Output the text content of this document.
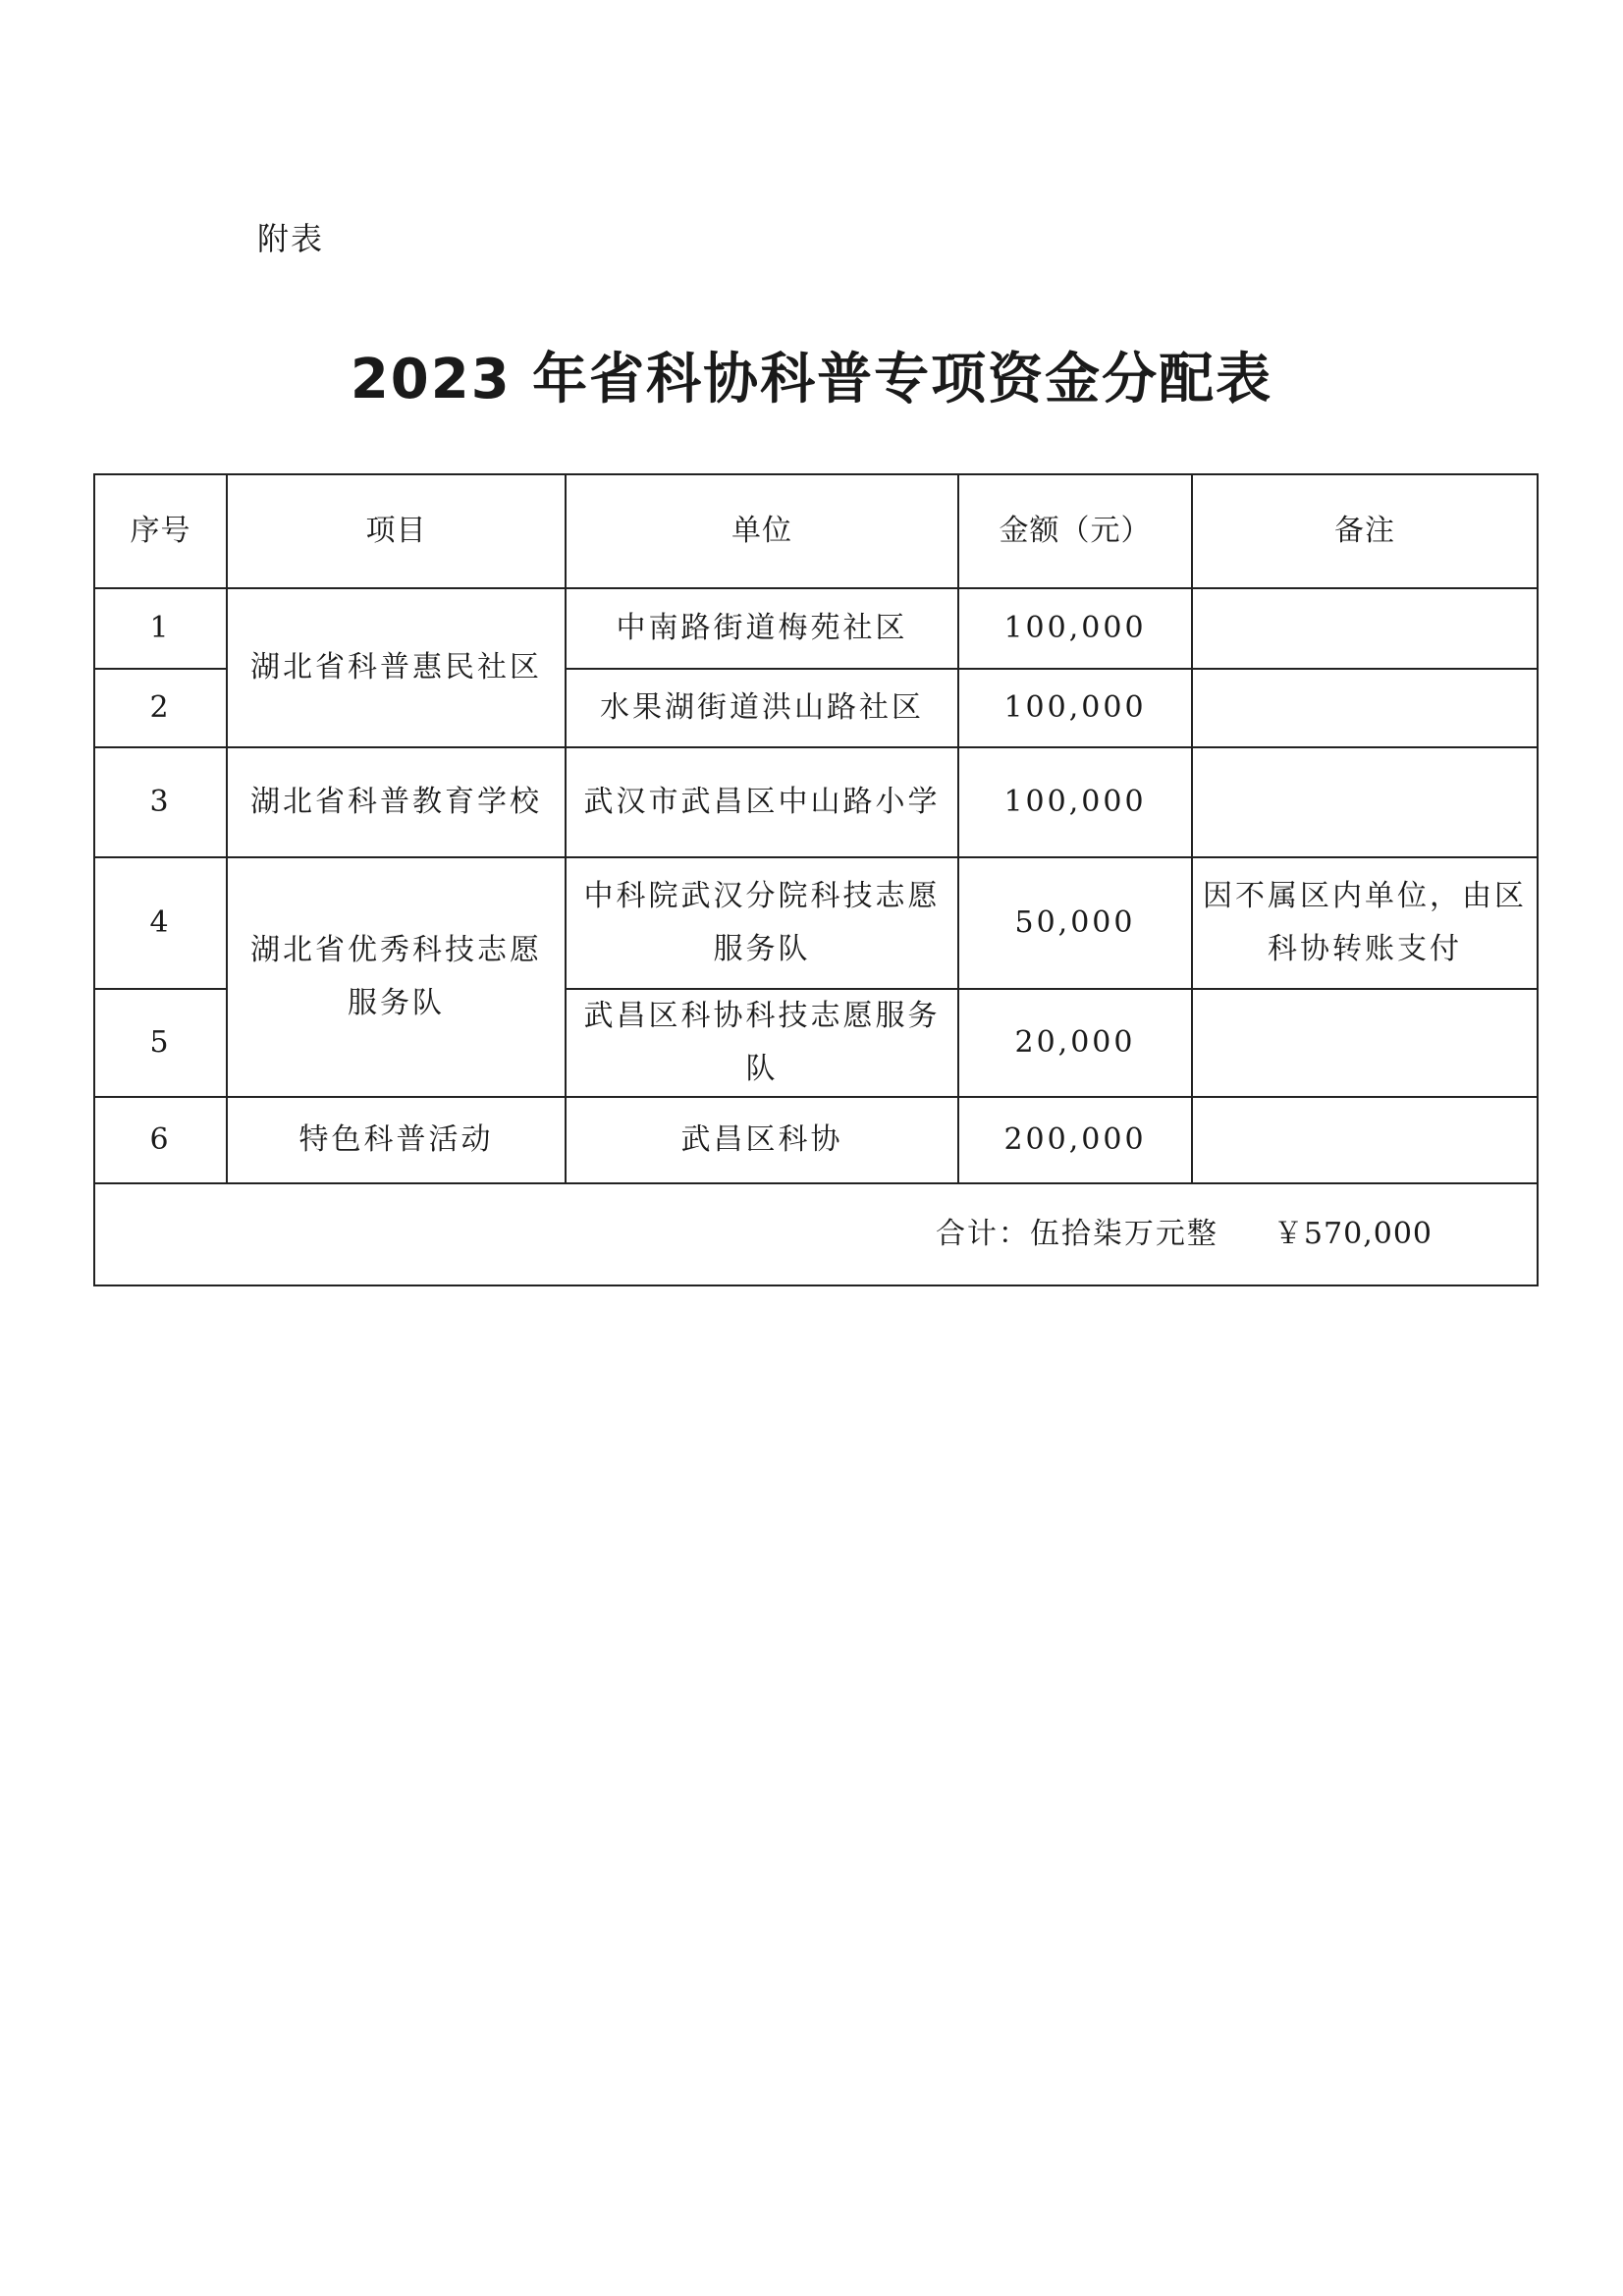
附表
2023 年省科协科普专项资金分配表
序号	项目	单位	金额（元）	备注
1	湖北省科普惠民社区	中南路街道梅苑社区	100,000	
2		水果湖街道洪山路社区	100,000	
3	湖北省科普教育学校	武汉市武昌区中山路小学	100,000	
4	湖北省优秀科技志愿服务队	中科院武汉分院科技志愿服务队	50,000	因不属区内单位，由区科协转账支付
5		武昌区科协科技志愿服务队	20,000	
6	特色科普活动	武昌区科协	200,000	
合计：伍拾柒万元整 ￥570,000				
